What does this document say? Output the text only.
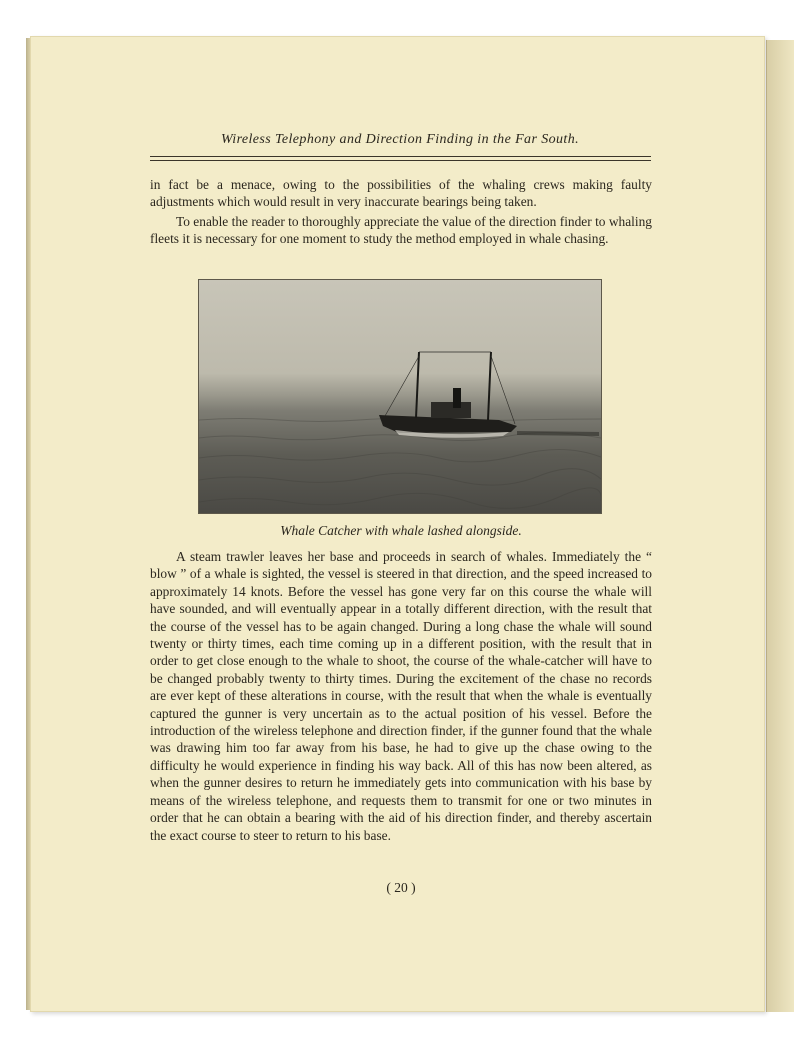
Wireless Telephony and Direction Finding in the Far South.

in fact be a menace, owing to the possibilities of the whaling crews making faulty adjustments which would result in very inaccurate bearings being taken.

To enable the reader to thoroughly appreciate the value of the direction finder to whaling fleets it is necessary for one moment to study the method employed in whale chasing.

Whale Catcher with whale lashed alongside.

A steam trawler leaves her base and proceeds in search of whales. Immediately the “ blow ” of a whale is sighted, the vessel is steered in that direction, and the speed increased to approximately 14 knots. Before the vessel has gone very far on this course the whale will have sounded, and will eventually appear in a totally different direction, with the result that the course of the vessel has to be again changed. During a long chase the whale will sound twenty or thirty times, each time coming up in a different position, with the result that in order to get close enough to the whale to shoot, the course of the whale-catcher will have to be changed probably twenty to thirty times. During the excitement of the chase no records are ever kept of these alterations in course, with the result that when the whale is eventually captured the gunner is very uncertain as to the actual position of his vessel. Before the introduction of the wireless telephone and direction finder, if the gunner found that the whale was drawing him too far away from his base, he had to give up the chase owing to the difficulty he would experience in finding his way back. All of this has now been altered, as when the gunner desires to return he immediately gets into communication with his base by means of the wireless telephone, and requests them to transmit for one or two minutes in order that he can obtain a bearing with the aid of his direction finder, and thereby ascertain the exact course to steer to return to his base.

( 20 )
